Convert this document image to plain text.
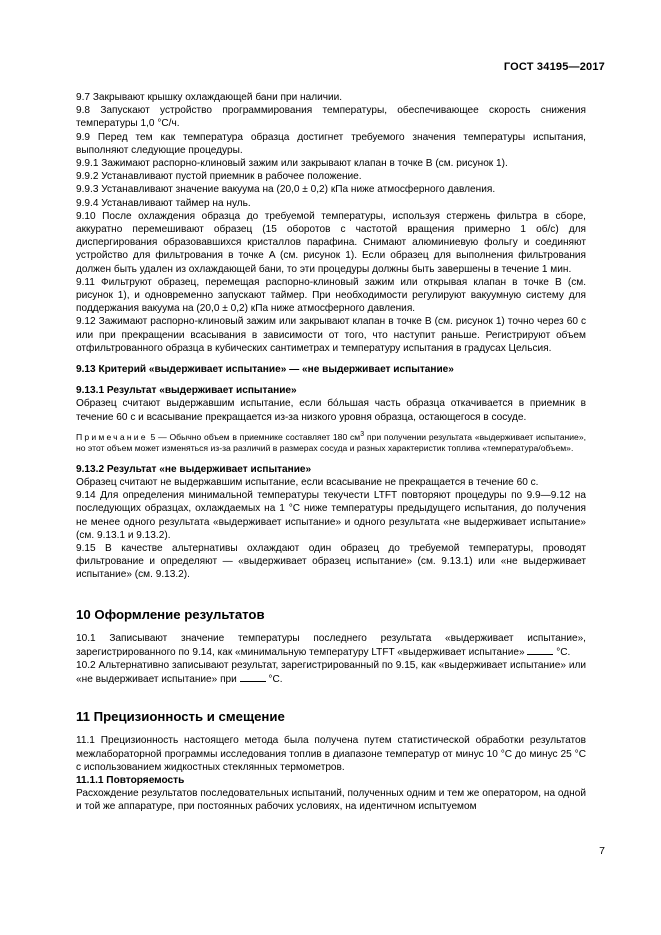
ГОСТ 34195—2017

9.7 Закрывают крышку охлаждающей бани при наличии.

9.8 Запускают устройство программирования температуры, обеспечивающее скорость снижения температуры 1,0 °C/ч.

9.9 Перед тем как температура образца достигнет требуемого значения температуры испытания, выполняют следующие процедуры.

9.9.1 Зажимают распорно-клиновый зажим или закрывают клапан в точке B (см. рисунок 1).

9.9.2 Устанавливают пустой приемник в рабочее положение.

9.9.3 Устанавливают значение вакуума на (20,0 ± 0,2) кПа ниже атмосферного давления.

9.9.4 Устанавливают таймер на нуль.

9.10 После охлаждения образца до требуемой температуры, используя стержень фильтра в сборе, аккуратно перемешивают образец (15 оборотов с частотой вращения примерно 1 об/с) для диспергирования образовавшихся кристаллов парафина. Снимают алюминиевую фольгу и соединяют устройство для фильтрования в точке A (см. рисунок 1). Если образец для выполнения фильтрования должен быть удален из охлаждающей бани, то эти процедуры должны быть завершены в течение 1 мин.

9.11 Фильтруют образец, перемещая распорно-клиновый зажим или открывая клапан в точке B (см. рисунок 1), и одновременно запускают таймер. При необходимости регулируют вакуумную систему для поддержания вакуума на (20,0 ± 0,2) кПа ниже атмосферного давления.

9.12 Зажимают распорно-клиновый зажим или закрывают клапан в точке B (см. рисунок 1) точно через 60 с или при прекращении всасывания в зависимости от того, что наступит раньше. Регистрируют объем отфильтрованного образца в кубических сантиметрах и температуру испытания в градусах Цельсия.

9.13 Критерий «выдерживает испытание» — «не выдерживает испытание»

9.13.1 Результат «выдерживает испытание»

Образец считают выдержавшим испытание, если бóльшая часть образца откачивается в приемник в течение 60 с и всасывание прекращается из-за низкого уровня образца, остающегося в сосуде.

Примечание 5 — Обычно объем в приемнике составляет 180 $см^3$ при получении результата «выдерживает испытание», но этот объем может изменяться из-за различий в размерах сосуда и разных характеристик топлива «температура/объем».

9.13.2 Результат «не выдерживает испытание»

Образец считают не выдержавшим испытание, если всасывание не прекращается в течение 60 с.

9.14 Для определения минимальной температуры текучести LTFT повторяют процедуры по 9.9—9.12 на последующих образцах, охлаждаемых на 1 °C ниже температуры предыдущего испытания, до получения не менее одного результата «выдерживает испытание» и одного результата «не выдерживает испытание» (см. 9.13.1 и 9.13.2).

9.15 В качестве альтернативы охлаждают один образец до требуемой температуры, проводят фильтрование и определяют — «выдерживает образец испытание» (см. 9.13.1) или «не выдерживает испытание» (см. 9.13.2).

10 Оформление результатов

10.1 Записывают значение температуры последнего результата «выдерживает испытание», зарегистрированного по 9.14, как «минимальную температуру LTFT «выдерживает испытание»	°C.

10.2 Альтернативно записывают результат, зарегистрированный по 9.15, как «выдерживает испытание» или «не выдерживает испытание» при	°C.

11 Прецизионность и смещение

11.1 Прецизионность настоящего метода была получена путем статистической обработки результатов межлабораторной программы исследования топлив в диапазоне температур от минус 10 °C до минус 25 °C с использованием жидкостных стеклянных термометров.

11.1.1 Повторяемость

Расхождение результатов последовательных испытаний, полученных одним и тем же оператором, на одной и той же аппаратуре, при постоянных рабочих условиях, на идентичном испытуемом

7
